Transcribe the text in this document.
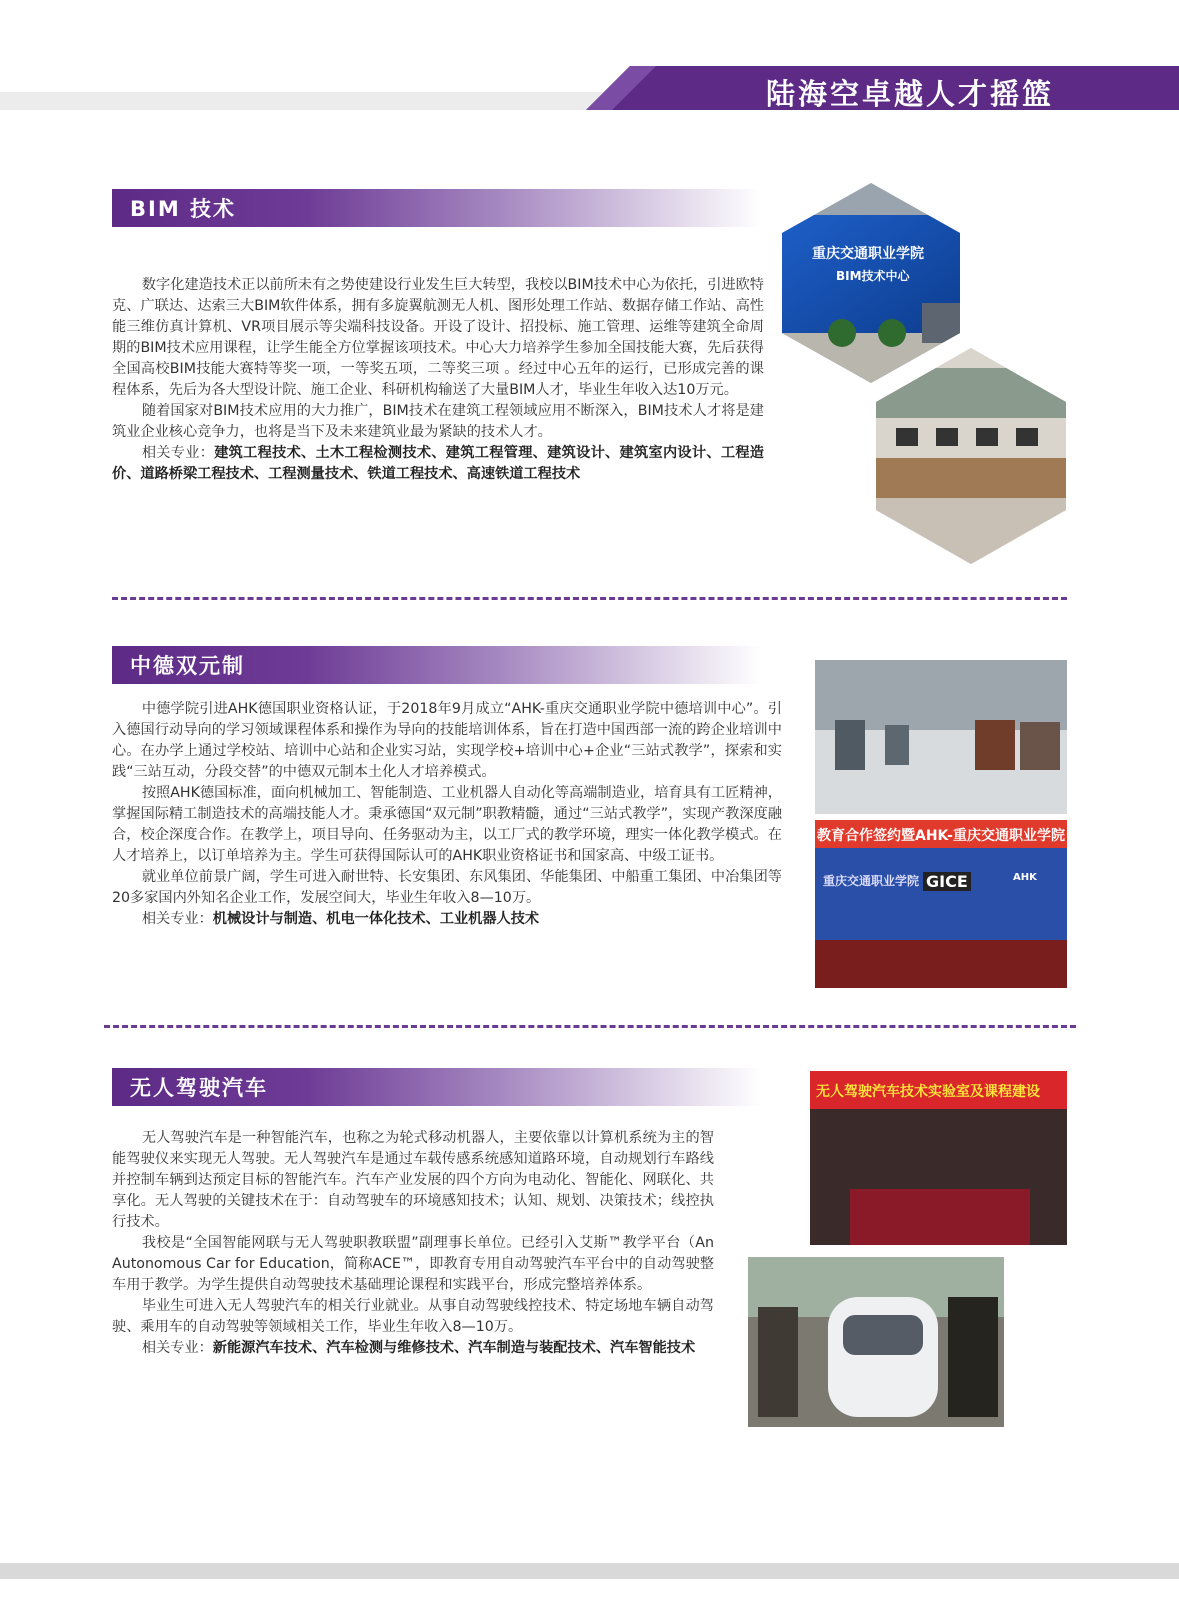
陆海空卓越人才摇篮
BIM 技术

数字化建造技术正以前所未有之势使建设行业发生巨大转型，我校以BIM技术中心为依托，引进欧特克、广联达、达索三大BIM软件体系，拥有多旋翼航测无人机、图形处理工作站、数据存储工作站、高性能三维仿真计算机、VR项目展示等尖端科技设备。开设了设计、招投标、施工管理、运维等建筑全命周期的BIM技术应用课程，让学生能全方位掌握该项技术。中心大力培养学生参加全国技能大赛，先后获得全国高校BIM技能大赛特等奖一项，一等奖五项，二等奖三项 。经过中心五年的运行，已形成完善的课程体系，先后为各大型设计院、施工企业、科研机构输送了大量BIM人才，毕业生年收入达10万元。

随着国家对BIM技术应用的大力推广，BIM技术在建筑工程领域应用不断深入，BIM技术人才将是建筑业企业核心竞争力，也将是当下及未来建筑业最为紧缺的技术人才。

相关专业：建筑工程技术、土木工程检测技术、建筑工程管理、建筑设计、建筑室内设计、工程造价、道路桥梁工程技术、工程测量技术、铁道工程技术、高速铁道工程技术

重庆交通职业学院
BIM技术中心
中德双元制

中德学院引进AHK德国职业资格认证，于2018年9月成立“AHK-重庆交通职业学院中德培训中心”。引入德国行动导向的学习领域课程体系和操作为导向的技能培训体系，旨在打造中国西部一流的跨企业培训中心。在办学上通过学校站、培训中心站和企业实习站，实现学校+培训中心+企业“三站式教学”，探索和实践“三站互动，分段交替”的中德双元制本土化人才培养模式。

按照AHK德国标准，面向机械加工、智能制造、工业机器人自动化等高端制造业，培育具有工匠精神，掌握国际精工制造技术的高端技能人才。秉承德国“双元制”职教精髓，通过“三站式教学”，实现产教深度融合，校企深度合作。在教学上，项目导向、任务驱动为主，以工厂式的教学环境，理实一体化教学模式。在人才培养上，以订单培养为主。学生可获得国际认可的AHK职业资格证书和国家高、中级工证书。

就业单位前景广阔，学生可进入耐世特、长安集团、东风集团、华能集团、中船重工集团、中冶集团等20多家国内外知名企业工作，发展空间大，毕业生年收入8—10万。

相关专业：机械设计与制造、机电一体化技术、工业机器人技术

教育合作签约暨AHK-重庆交通职业学院
重庆交通职业学院 GICE	AHK
无人驾驶汽车

无人驾驶汽车是一种智能汽车，也称之为轮式移动机器人，主要依靠以计算机系统为主的智能驾驶仪来实现无人驾驶。无人驾驶汽车是通过车载传感系统感知道路环境，自动规划行车路线并控制车辆到达预定目标的智能汽车。汽车产业发展的四个方向为电动化、智能化、网联化、共享化。无人驾驶的关键技术在于：自动驾驶车的环境感知技术；认知、规划、决策技术；线控执行技术。

我校是“全国智能网联与无人驾驶职教联盟”副理事长单位。已经引入艾斯™教学平台（An Autonomous Car for Education，简称ACE™，即教育专用自动驾驶汽车平台中的自动驾驶整车用于教学。为学生提供自动驾驶技术基础理论课程和实践平台，形成完整培养体系。

毕业生可进入无人驾驶汽车的相关行业就业。从事自动驾驶线控技术、特定场地车辆自动驾驶、乘用车的自动驾驶等领域相关工作，毕业生年收入8—10万。

相关专业：新能源汽车技术、汽车检测与维修技术、汽车制造与装配技术、汽车智能技术

无人驾驶汽车技术实验室及课程建设
